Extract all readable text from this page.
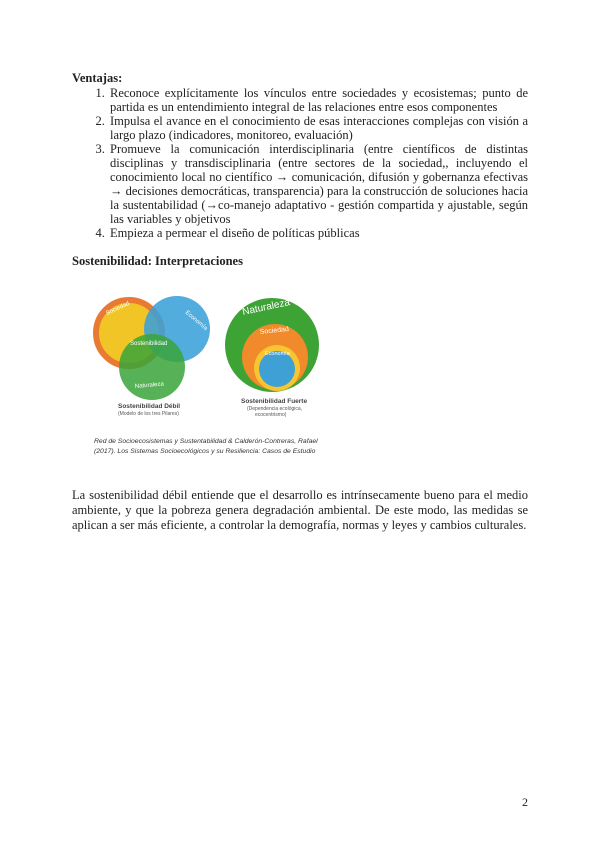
Ventajas:
1. Reconoce explícitamente los vínculos entre sociedades y ecosistemas; punto de partida es un entendimiento integral de las relaciones entre esos componentes
2. Impulsa el avance en el conocimiento de esas interacciones complejas con visión a largo plazo (indicadores, monitoreo, evaluación)
3. Promueve la comunicación interdisciplinaria (entre científicos de distintas disciplinas y transdisciplinaria (entre sectores de la sociedad,, incluyendo el conocimiento local no científico → comunicación, difusión y gobernanza efectivas → decisiones democráticas, transparencia) para la construcción de soluciones hacia la sustentabilidad (→co-manejo adaptativo - gestión compartida y ajustable, según las variables y objetivos
4. Empieza a permear el diseño de políticas públicas
Sostenibilidad: Interpretaciones
Sociedad
Economía
Sostenibilidad
Naturaleza
Sostenibilidad Débil
(Modelo de los tres Pilares)
Naturaleza
Sociedad
Economía
Sostenibilidad Fuerte
(Dependencia ecológica,
ecocentrismo)
Red de Socioecosistemas y Sustentabilidad & Calderón-Contreras, Rafael (2017). Los Sistemas Socioecológicos y su Resiliencia: Casos de Estudio

La sostenibilidad débil entiende que el desarrollo es intrínsecamente bueno para el medio ambiente, y que la pobreza genera degradación ambiental. De este modo, las medidas se aplican a ser más eficiente, a controlar la demografía, normas y leyes y cambios culturales.

2
